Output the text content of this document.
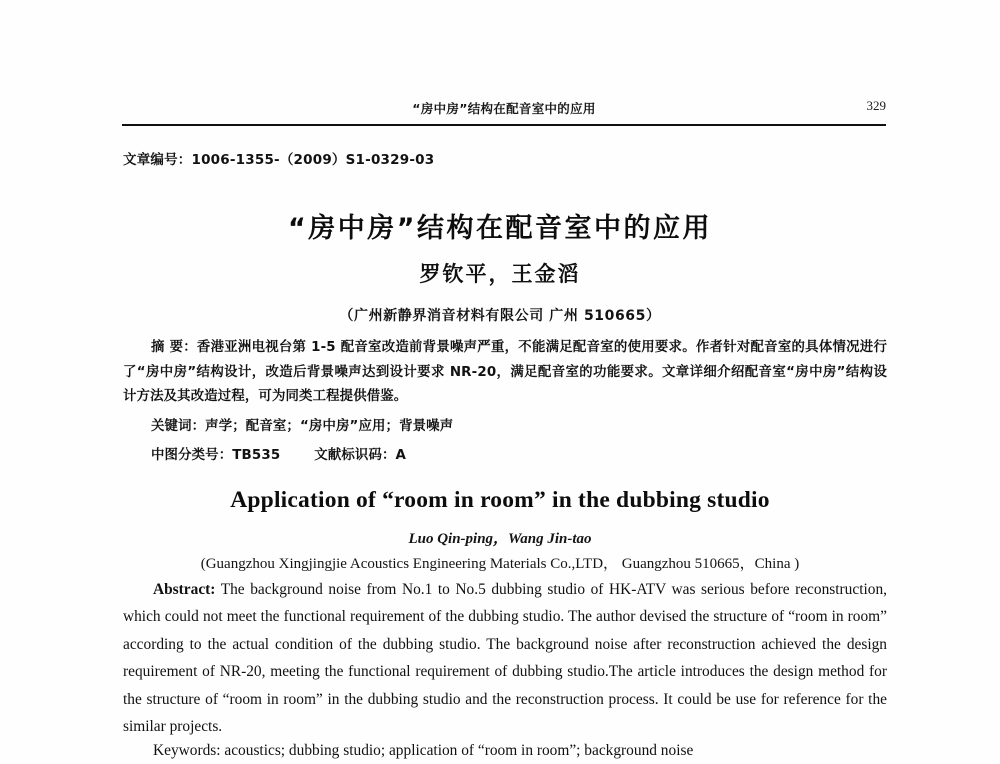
“房中房”结构在配音室中的应用	329
文章编号：1006-1355-（2009）S1-0329-03
“房中房”结构在配音室中的应用
罗钦平，王金滔
（广州新静界消音材料有限公司 广州 510665）

摘 要：香港亚洲电视台第 1-5 配音室改造前背景噪声严重，不能满足配音室的使用要求。作者针对配音室的具体情况进行了“房中房”结构设计，改造后背景噪声达到设计要求 NR-20，满足配音室的功能要求。文章详细介绍配音室“房中房”结构设计方法及其改造过程，可为同类工程提供借鉴。

关键词：声学；配音室；“房中房”应用；背景噪声

中图分类号：TB535	文献标识码：A

Application of “room in room” in the dubbing studio
Luo Qin-ping，Wang Jin-tao
(Guangzhou Xingjingjie Acoustics Engineering Materials Co.,LTD， Guangzhou 510665，China )

Abstract: The background noise from No.1 to No.5 dubbing studio of HK-ATV was serious before reconstruction, which could not meet the functional requirement of the dubbing studio. The author devised the structure of “room in room” according to the actual condition of the dubbing studio. The background noise after reconstruction achieved the design requirement of NR-20, meeting the functional requirement of dubbing studio.The article introduces the design method for the structure of “room in room” in the dubbing studio and the reconstruction process. It could be use for reference for the similar projects.

Keywords: acoustics; dubbing studio; application of “room in room”; background noise
